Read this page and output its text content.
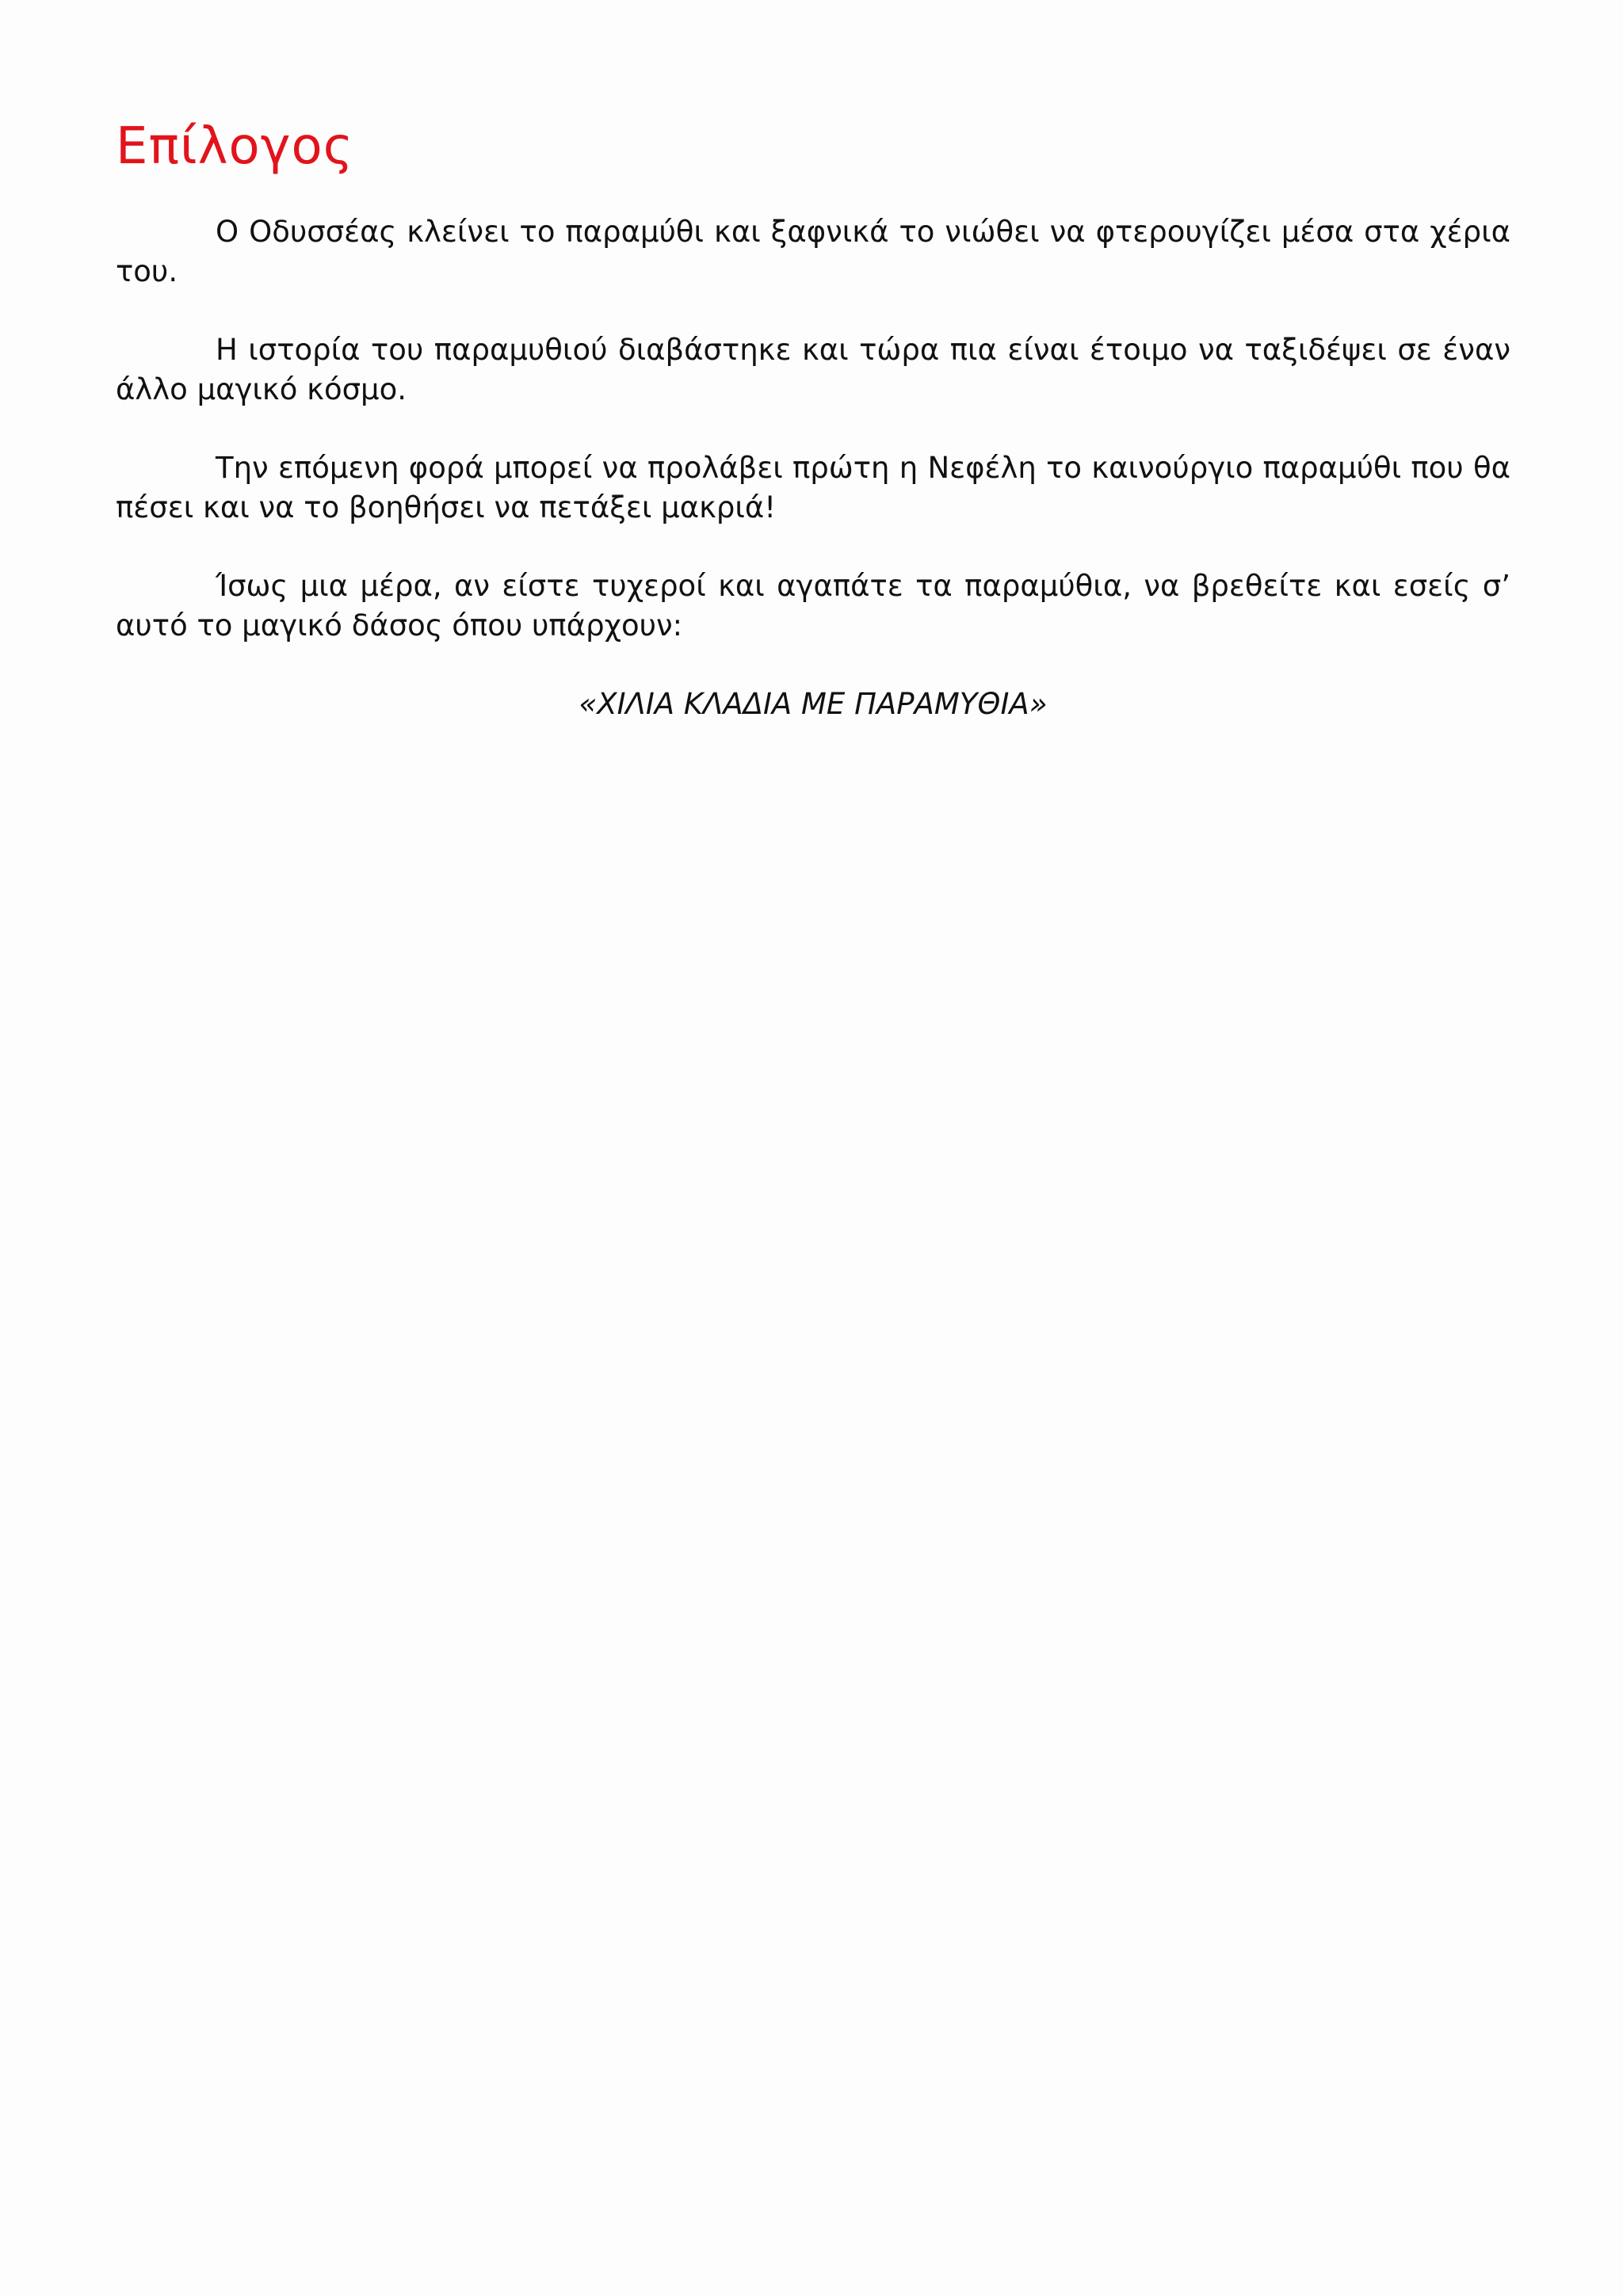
Επίλογος

Ο Οδυσσέας κλείνει το παραμύθι και ξαφνικά το νιώθει να φτερουγίζει μέσα στα χέρια του.

Η ιστορία του παραμυθιού διαβάστηκε και τώρα πια είναι έτοιμο να ταξιδέψει σε έναν άλλο μαγικό κόσμο.

Την επόμενη φορά μπορεί να προλάβει πρώτη η Νεφέλη το καινούργιο παραμύθι που θα πέσει και να το βοηθήσει να πετάξει μακριά!

Ίσως μια μέρα, αν είστε τυχεροί και αγαπάτε τα παραμύθια, να βρεθείτε και εσείς σ’ αυτό το μαγικό δάσος όπου υπάρχουν:

«ΧΙΛΙΑ ΚΛΑΔΙΑ ΜΕ ΠΑΡΑΜΥΘΙΑ»
